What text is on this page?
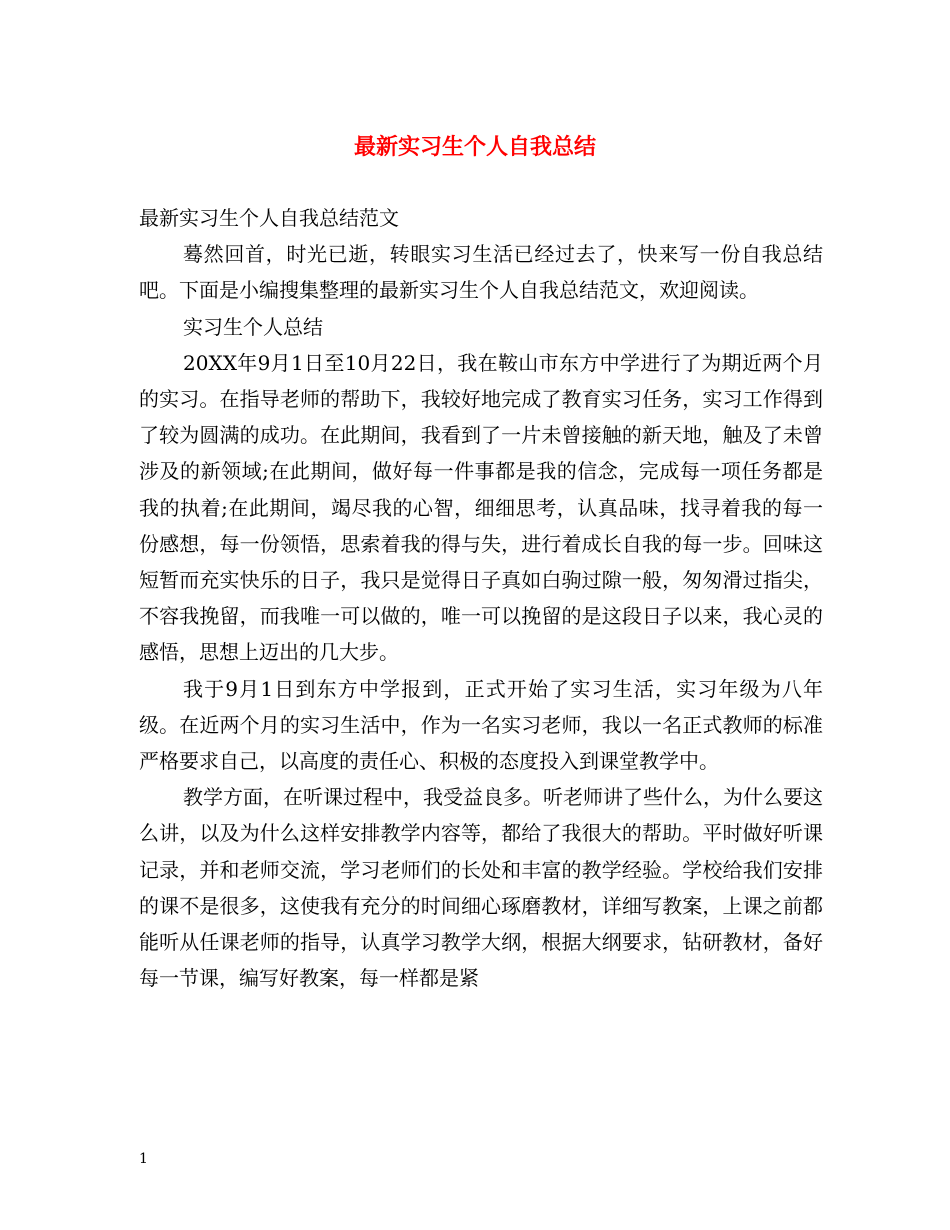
最新实习生个人自我总结

最新实习生个人自我总结范文

蓦然回首，时光已逝，转眼实习生活已经过去了，快来写一份自我总结吧。下面是小编搜集整理的最新实习生个人自我总结范文，欢迎阅读。

实习生个人总结

20XX年9月1日至10月22日，我在鞍山市东方中学进行了为期近两个月的实习。在指导老师的帮助下，我较好地完成了教育实习任务，实习工作得到了较为圆满的成功。在此期间，我看到了一片未曾接触的新天地，触及了未曾涉及的新领域;在此期间，做好每一件事都是我的信念，完成每一项任务都是我的执着;在此期间，竭尽我的心智，细细思考，认真品味，找寻着我的每一份感想，每一份领悟，思索着我的得与失，进行着成长自我的每一步。回味这短暂而充实快乐的日子，我只是觉得日子真如白驹过隙一般，匆匆滑过指尖，不容我挽留，而我唯一可以做的，唯一可以挽留的是这段日子以来，我心灵的感悟，思想上迈出的几大步。

我于9月1日到东方中学报到，正式开始了实习生活，实习年级为八年级。在近两个月的实习生活中，作为一名实习老师，我以一名正式教师的标准严格要求自己，以高度的责任心、积极的态度投入到课堂教学中。

教学方面，在听课过程中，我受益良多。听老师讲了些什么，为什么要这么讲，以及为什么这样安排教学内容等，都给了我很大的帮助。平时做好听课记录，并和老师交流，学习老师们的长处和丰富的教学经验。学校给我们安排的课不是很多，这使我有充分的时间细心琢磨教材，详细写教案，上课之前都能听从任课老师的指导，认真学习教学大纲，根据大纲要求，钻研教材，备好每一节课，编写好教案，每一样都是紧

1
